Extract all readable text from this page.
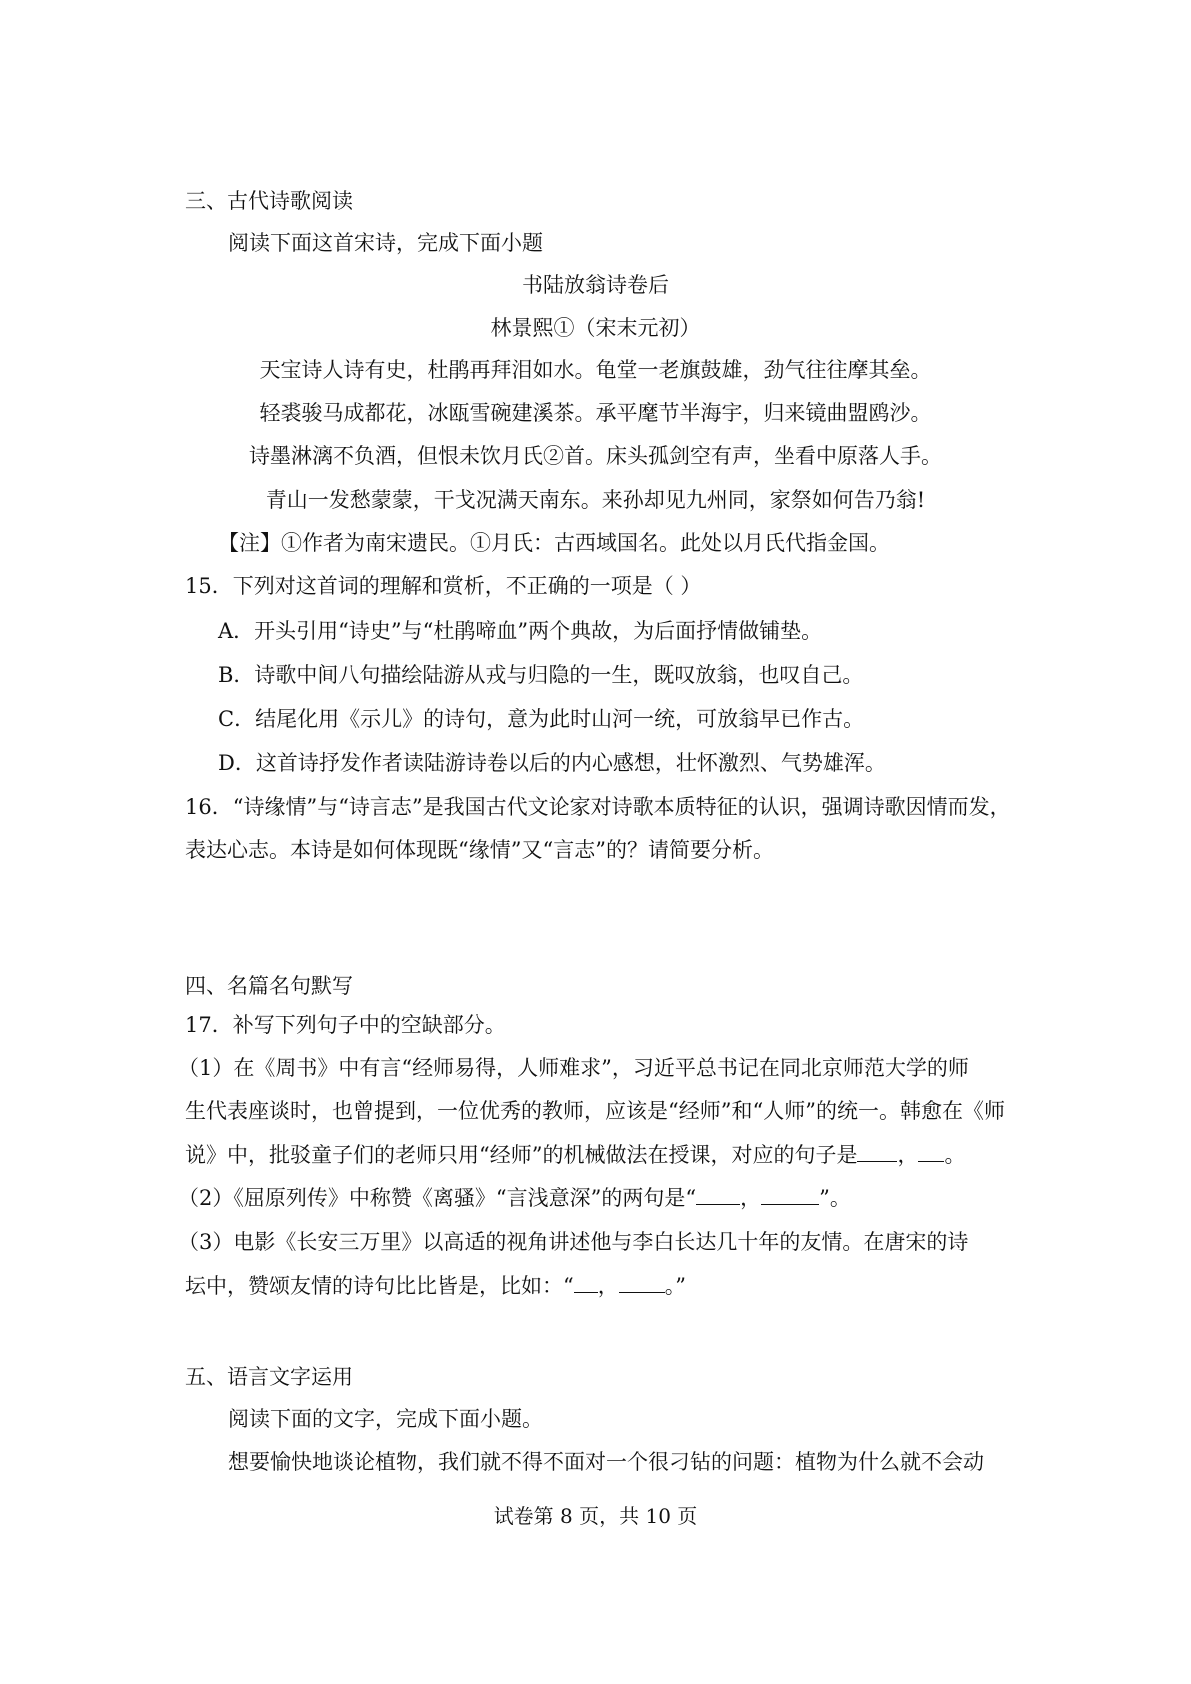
三、古代诗歌阅读
阅读下面这首宋诗，完成下面小题
书陆放翁诗卷后
林景熙①（宋末元初）
天宝诗人诗有史，杜鹃再拜泪如水。龟堂一老旗鼓雄，劲气往往摩其垒。
轻裘骏马成都花，冰瓯雪碗建溪茶。承平麾节半海宇，归来镜曲盟鸥沙。
诗墨淋漓不负酒，但恨未饮月氏②首。床头孤剑空有声，坐看中原落人手。
青山一发愁蒙蒙，干戈况满天南东。来孙却见九州同，家祭如何告乃翁!
【注】①作者为南宋遗民。①月氏：古西域国名。此处以月氏代指金国。
15．下列对这首词的理解和赏析，不正确的一项是（ ）
A．开头引用“诗史”与“杜鹃啼血”两个典故，为后面抒情做铺垫。
B．诗歌中间八句描绘陆游从戎与归隐的一生，既叹放翁，也叹自己。
C．结尾化用《示儿》的诗句，意为此时山河一统，可放翁早已作古。
D．这首诗抒发作者读陆游诗卷以后的内心感想，壮怀激烈、气势雄浑。
16．“诗缘情”与“诗言志”是我国古代文论家对诗歌本质特征的认识，强调诗歌因情而发，
表达心志。本诗是如何体现既“缘情”又“言志”的？请简要分析。
四、名篇名句默写
17．补写下列句子中的空缺部分。
（1）在《周书》中有言“经师易得，人师难求”，习近平总书记在同北京师范大学的师
生代表座谈时，也曾提到，一位优秀的教师，应该是“经师”和“人师”的统一。韩愈在《师
说》中，批驳童子们的老师只用“经师”的机械做法在授课，对应的句子是 ， 。
（2）《屈原列传》中称赞《离骚》“言浅意深”的两句是“ ，	”。
（3）电影《长安三万里》以高适的视角讲述他与李白长达几十年的友情。在唐宋的诗
坛中，赞颂友情的诗句比比皆是，比如：“ ， 。”
五、语言文字运用
阅读下面的文字，完成下面小题。
想要愉快地谈论植物，我们就不得不面对一个很刁钻的问题：植物为什么就不会动
试卷第 8 页，共 10 页
